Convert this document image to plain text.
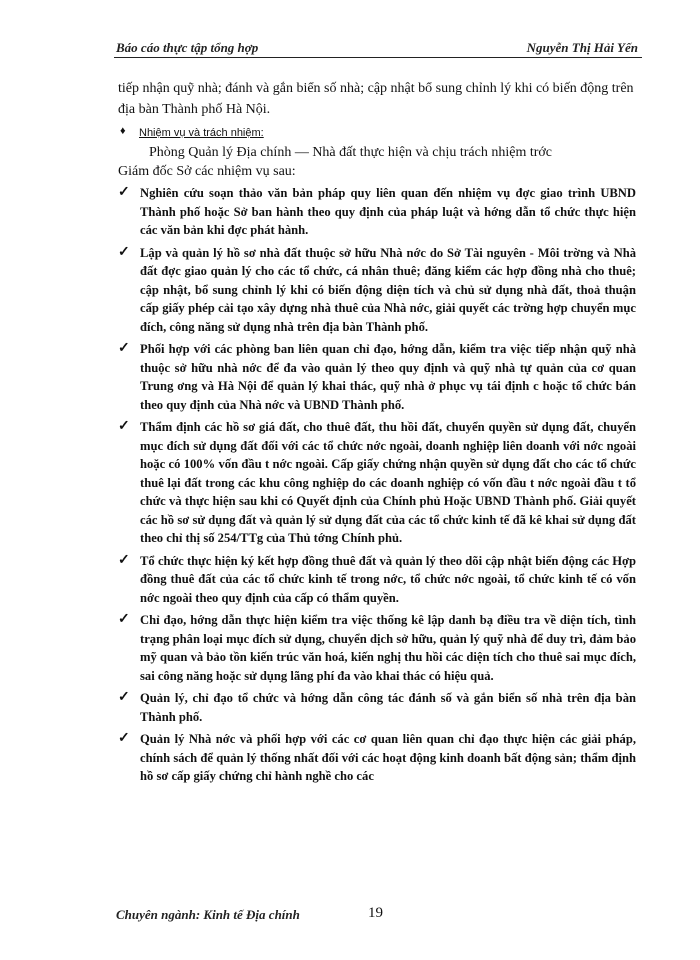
Báo cáo thực tập tổng hợp	Nguyễn Thị Hải Yến

tiếp nhận quỹ nhà; đánh và gắn biển số nhà; cập nhật bổ sung chỉnh lý khi có biến động trên địa bàn Thành phố Hà Nội.

♦ Nhiệm vụ và trách nhiệm:

Phòng Quản lý Địa chính — Nhà đất thực hiện và chịu trách nhiệm trớc
Giám đốc Sở các nhiệm vụ sau:

✓ Nghiên cứu soạn thảo văn bản pháp quy liên quan đến nhiệm vụ đợc giao trình UBND Thành phố hoặc Sở ban hành theo quy định của pháp luật và hớng dẫn tổ chức thực hiện các văn bản khi đợc phát hành.
✓ Lập và quản lý hồ sơ nhà đất thuộc sở hữu Nhà nớc do Sở Tài nguyên - Môi trờng và Nhà đất đợc giao quản lý cho các tổ chức, cá nhân thuê; đăng kiểm các hợp đồng nhà cho thuê; cập nhật, bổ sung chỉnh lý khi có biến động diện tích và chủ sử dụng nhà đất, thoả thuận cấp giấy phép cải tạo xây dựng nhà thuê của Nhà nớc, giải quyết các trờng hợp chuyển mục đích, công năng sử dụng nhà trên địa bàn Thành phố.
✓ Phối hợp với các phòng ban liên quan chỉ đạo, hớng dẫn, kiểm tra việc tiếp nhận quỹ nhà thuộc sở hữu nhà nớc để đa vào quản lý theo quy định và quỹ nhà tự quản của cơ quan Trung ơng và Hà Nội để quản lý khai thác, quỹ nhà ở phục vụ tái định c hoặc tổ chức bán theo quy định của Nhà nớc và UBND Thành phố.
✓ Thẩm định các hồ sơ giá đất, cho thuê đất, thu hồi đất, chuyển quyền sử dụng đất, chuyển mục đích sử dụng đất đối với các tổ chức nớc ngoài, doanh nghiệp liên doanh với nớc ngoài hoặc có 100% vốn đầu t nớc ngoài. Cấp giấy chứng nhận quyền sử dụng đất cho các tổ chức thuê lại đất trong các khu công nghiệp do các doanh nghiệp có vốn đầu t nớc ngoài đầu t tổ chức và thực hiện sau khi có Quyết định của Chính phủ Hoặc UBND Thành phố. Giải quyết các hồ sơ sử dụng đất và quản lý sử dụng đất của các tổ chức kinh tế đã kê khai sử dụng đất theo chỉ thị số 254/TTg của Thủ tớng Chính phủ.
✓ Tổ chức thực hiện ký kết hợp đồng thuê đất và quản lý theo dõi cập nhật biến động các Hợp đồng thuê đất của các tổ chức kinh tế trong nớc, tổ chức nớc ngoài, tổ chức kinh tế có vốn nớc ngoài theo quy định của cấp có thẩm quyền.
✓ Chỉ đạo, hớng dẫn thực hiện kiểm tra việc thống kê lập danh bạ điều tra về diện tích, tình trạng phân loại mục đích sử dụng, chuyển dịch sở hữu, quản lý quỹ nhà để duy trì, đảm bảo mỹ quan và bảo tồn kiến trúc văn hoá, kiến nghị thu hồi các diện tích cho thuê sai mục đích, sai công năng hoặc sử dụng lãng phí đa vào khai thác có hiệu quả.
✓ Quản lý, chỉ đạo tổ chức và hớng dẫn công tác đánh số và gắn biển số nhà trên địa bàn Thành phố.
✓ Quản lý Nhà nớc và phối hợp với các cơ quan liên quan chỉ đạo thực hiện các giải pháp, chính sách để quản lý thống nhất đối với các hoạt động kinh doanh bất động sản; thẩm định hồ sơ cấp giấy chứng chỉ hành nghề cho các
Chuyên ngành: Kinh tế Địa chính	19
